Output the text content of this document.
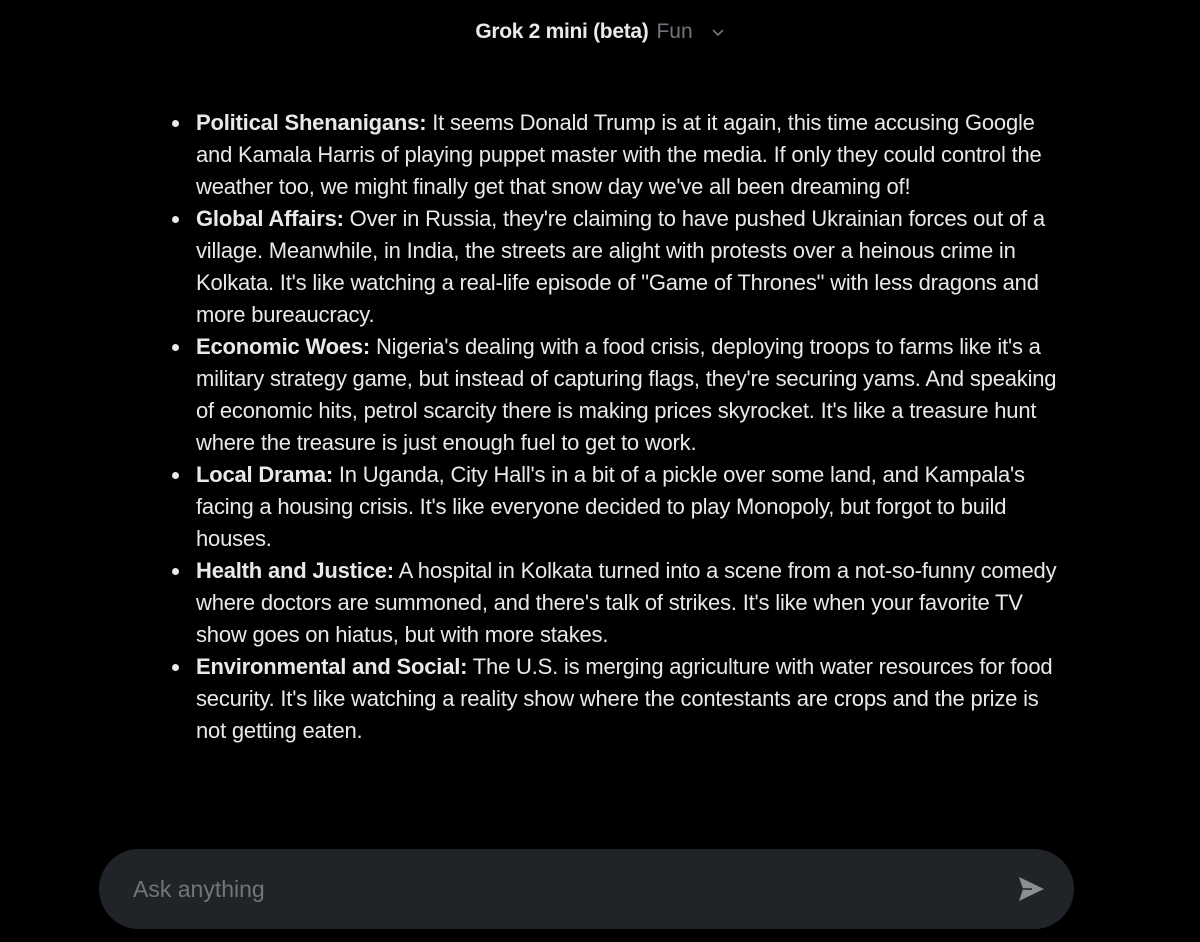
Grok 2 mini (beta) Fun
Political Shenanigans: It seems Donald Trump is at it again, this time accusing Google and Kamala Harris of playing puppet master with the media. If only they could control the weather too, we might finally get that snow day we've all been dreaming of!
Global Affairs: Over in Russia, they're claiming to have pushed Ukrainian forces out of a village. Meanwhile, in India, the streets are alight with protests over a heinous crime in Kolkata. It's like watching a real-life episode of "Game of Thrones" with less dragons and more bureaucracy.
Economic Woes: Nigeria's dealing with a food crisis, deploying troops to farms like it's a military strategy game, but instead of capturing flags, they're securing yams. And speaking of economic hits, petrol scarcity there is making prices skyrocket. It's like a treasure hunt where the treasure is just enough fuel to get to work.
Local Drama: In Uganda, City Hall's in a bit of a pickle over some land, and Kampala's facing a housing crisis. It's like everyone decided to play Monopoly, but forgot to build houses.
Health and Justice: A hospital in Kolkata turned into a scene from a not-so-funny comedy where doctors are summoned, and there's talk of strikes. It's like when your favorite TV show goes on hiatus, but with more stakes.
Environmental and Social: The U.S. is merging agriculture with water resources for food security. It's like watching a reality show where the contestants are crops and the prize is not getting eaten.
Ask anything
